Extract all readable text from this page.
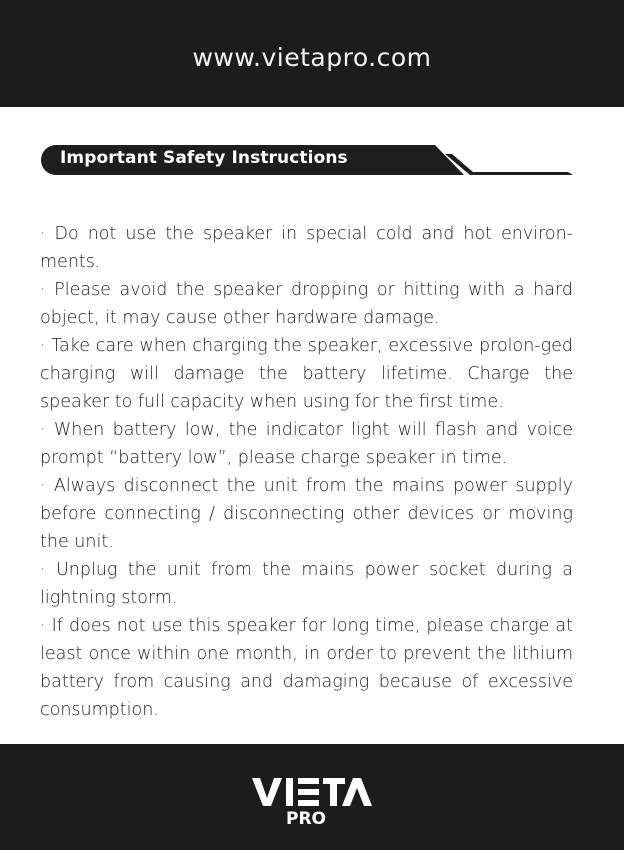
www.vietapro.com
Important Safety Instructions

· Do not use the speaker in special cold and hot environ-ments.

· Please avoid the speaker dropping or hitting with a hard object, it may cause other hardware damage.

· Take care when charging the speaker, excessive prolon-ged charging will damage the battery lifetime. Charge the speaker to full capacity when using for the first time.

· When battery low, the indicator light will flash and voice prompt “battery low”, please charge speaker in time.

· Always disconnect the unit from the mains power supply before connecting / disconnecting other devices or moving the unit.

· Unplug the unit from the mains power socket during a lightning storm.

· If does not use this speaker for long time, please charge at least once within one month, in order to prevent the lithium battery from causing and damaging because of excessive consumption.

PRO
